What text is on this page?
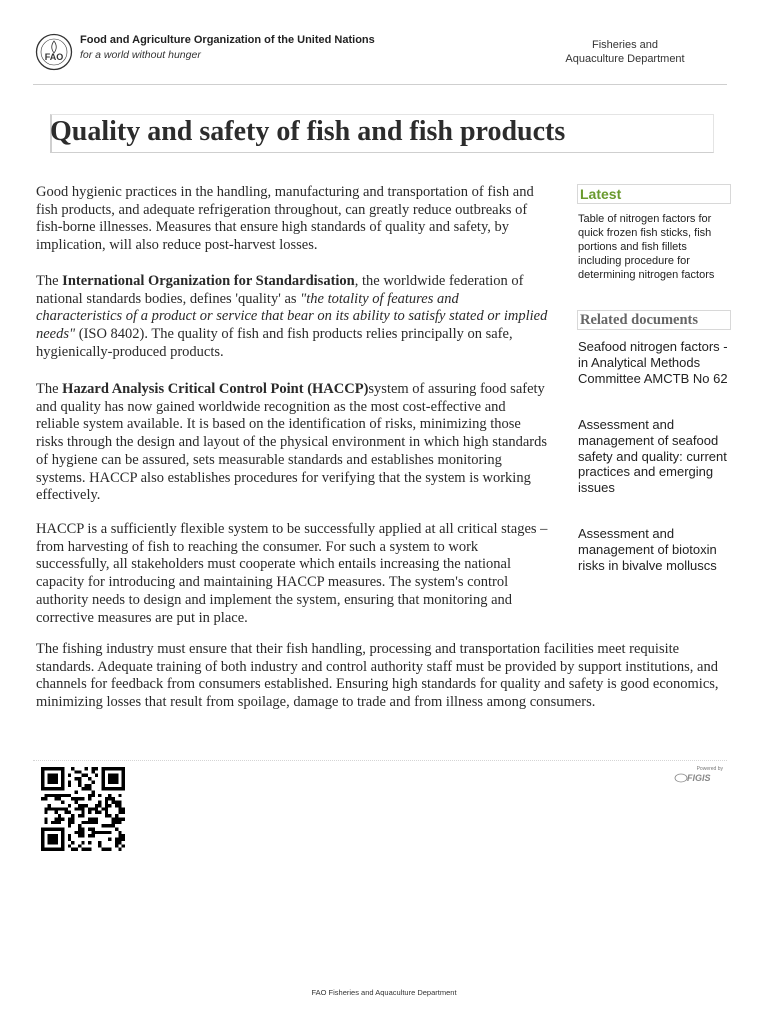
FAO
Food and Agriculture Organization of the United Nations
for a world without hunger
Fisheries and
Aquaculture Department
Quality and safety of fish and fish products
Good hygienic practices in the handling, manufacturing and transportation of fish and fish products, and adequate refrigeration throughout, can greatly reduce outbreaks of fish-borne illnesses. Measures that ensure high standards of quality and safety, by implication, will also reduce post-harvest losses.
The International Organization for Standardisation, the worldwide federation of national standards bodies, defines 'quality' as "the totality of features and characteristics of a product or service that bear on its ability to satisfy stated or implied needs" (ISO 8402). The quality of fish and fish products relies principally on safe, hygienically-produced products.
The Hazard Analysis Critical Control Point (HACCP)system of assuring food safety and quality has now gained worldwide recognition as the most cost-effective and reliable system available. It is based on the identification of risks, minimizing those risks through the design and layout of the physical environment in which high standards of hygiene can be assured, sets measurable standards and establishes monitoring systems. HACCP also establishes procedures for verifying that the system is working effectively.
HACCP is a sufficiently flexible system to be successfully applied at all critical stages – from harvesting of fish to reaching the consumer. For such a system to work successfully, all stakeholders must cooperate which entails increasing the national capacity for introducing and maintaining HACCP measures. The system's control authority needs to design and implement the system, ensuring that monitoring and corrective measures are put in place.
The fishing industry must ensure that their fish handling, processing and transportation facilities meet requisite standards. Adequate training of both industry and control authority staff must be provided by support institutions, and channels for feedback from consumers established. Ensuring high standards for quality and safety is good economics, minimizing losses that result from spoilage, damage to trade and from illness among consumers.
Latest
Table of nitrogen factors for quick frozen fish sticks, fish portions and fish fillets including procedure for determining nitrogen factors
Related documents
Seafood nitrogen factors - in Analytical Methods Committee AMCTB No 62
Assessment and management of seafood safety and quality: current practices and emerging issues
Assessment and management of biotoxin risks in bivalve molluscs
Powered by
FIGIS
FAO Fisheries and Aquaculture Department
